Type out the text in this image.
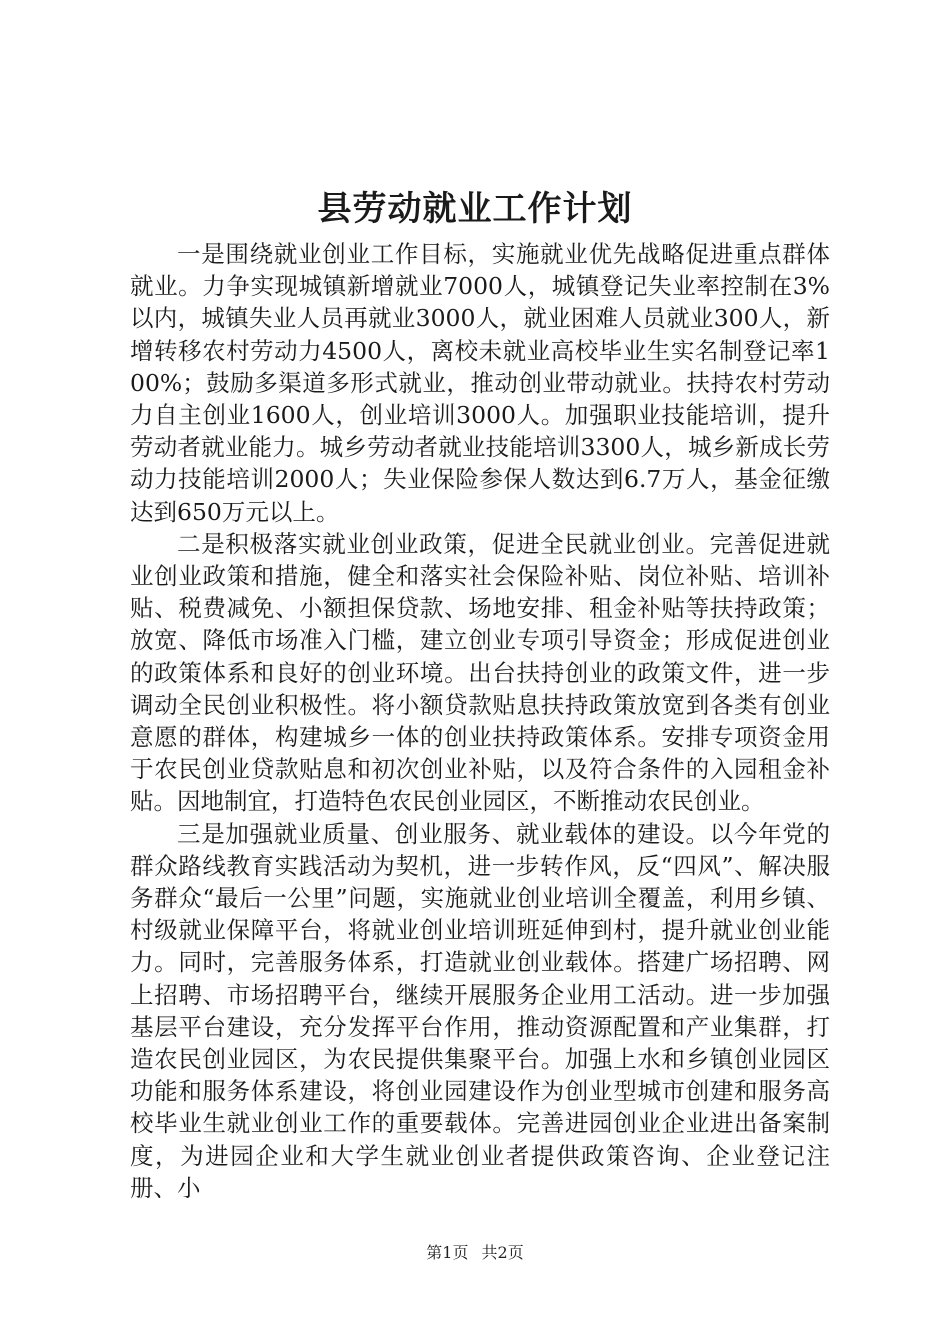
县劳动就业工作计划

一是围绕就业创业工作目标，实施就业优先战略促进重点群体就业。力争实现城镇新增就业7000人，城镇登记失业率控制在3%以内，城镇失业人员再就业3000人，就业困难人员就业300人，新增转移农村劳动力4500人，离校未就业高校毕业生实名制登记率100%；鼓励多渠道多形式就业，推动创业带动就业。扶持农村劳动力自主创业1600人，创业培训3000人。加强职业技能培训，提升劳动者就业能力。城乡劳动者就业技能培训3300人，城乡新成长劳动力技能培训2000人；失业保险参保人数达到6.7万人，基金征缴达到650万元以上。

二是积极落实就业创业政策，促进全民就业创业。完善促进就业创业政策和措施，健全和落实社会保险补贴、岗位补贴、培训补贴、税费减免、小额担保贷款、场地安排、租金补贴等扶持政策；放宽、降低市场准入门槛，建立创业专项引导资金；形成促进创业的政策体系和良好的创业环境。出台扶持创业的政策文件，进一步调动全民创业积极性。将小额贷款贴息扶持政策放宽到各类有创业意愿的群体，构建城乡一体的创业扶持政策体系。安排专项资金用于农民创业贷款贴息和初次创业补贴，以及符合条件的入园租金补贴。因地制宜，打造特色农民创业园区，不断推动农民创业。

三是加强就业质量、创业服务、就业载体的建设。以今年党的群众路线教育实践活动为契机，进一步转作风，反“四风”、解决服务群众“最后一公里”问题，实施就业创业培训全覆盖，利用乡镇、村级就业保障平台，将就业创业培训班延伸到村，提升就业创业能力。同时，完善服务体系，打造就业创业载体。搭建广场招聘、网上招聘、市场招聘平台，继续开展服务企业用工活动。进一步加强基层平台建设，充分发挥平台作用，推动资源配置和产业集群，打造农民创业园区，为农民提供集聚平台。加强上水和乡镇创业园区功能和服务体系建设，将创业园建设作为创业型城市创建和服务高校毕业生就业创业工作的重要载体。完善进园创业企业进出备案制度，为进园企业和大学生就业创业者提供政策咨询、企业登记注册、小

第1页 共2页
